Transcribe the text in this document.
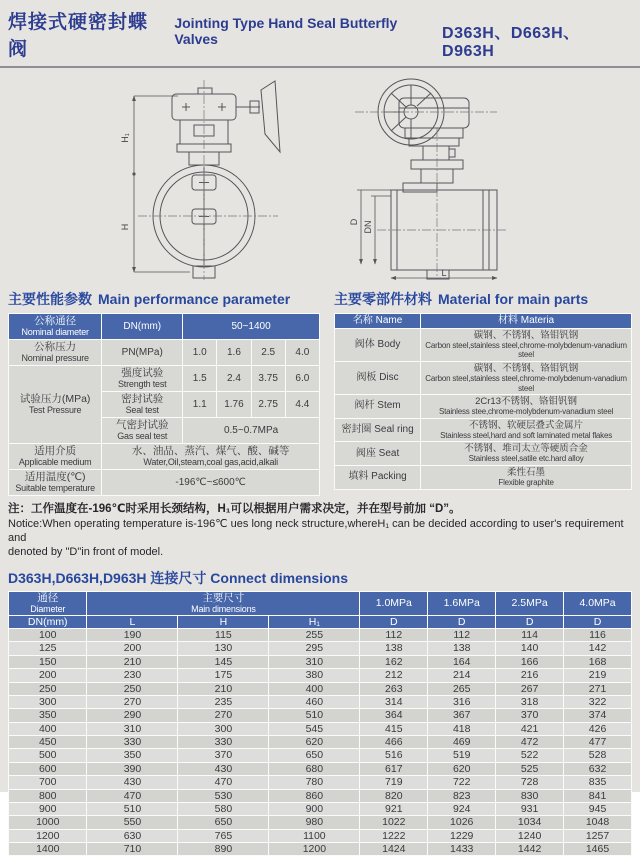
焊接式硬密封蝶阀
Jointing Type Hand Seal Butterfly Valves	D363H、D663H、D963H
H₁
H
D DN
L
主要性能参数 Main performance parameter
公称通径
Nominal diameter	DN(mm)	50~1400			

公称压力
Nominal pressure	PN(MPa)	1.0	1.6	2.5	4.0

试验压力(MPa)
Test Pressure

强度试验
Strength test
	1.5	2.4	3.75	6.0

	密封试验
Seal test	1.1	1.76	2.75	4.4

	气密封试验
Gas seal test	0.5~0.7MPa			

适用介质
Applicable medium

水、油品、蒸汽、煤气、酸、碱等
Water,Oil,steam,coal gas,acid,alkali

适用温度(℃)
Suitable temperature	-196℃~≤600℃				
主要零部件材料 Material for main parts
名称 Name	材料 Materia
阀体 Body	碳钢、不锈钢、铬钼钒钢
Carbon steel,stainless steel,chrome-molybdenum-vanadium steel

阀板 Disc	碳钢、不锈钢、铬钼钒钢
Carbon steel,stainless steel,chrome-molybdenum-vanadium steel

阀杆 Stem	2Cr13不锈钢、铬钼钒钢
Stainless stee,chrome-molybdenum-vanadium steel

密封圈 Seal ring	不锈钢、软硬层叠式金属片
Stainless steel,hard and soft laminated metal flakes

阀座 Seat	不锈钢、堆司太立等硬质合金
Stainless steel,satile etc.hard alloy

填料 Packing	柔性石墨
Flexible graphite
注：工作温度在-196℃时采用长颈结构，H₁可以根据用户需求决定，并在型号前加 “D”。
Notice:When operating temperature is-196℃ ues long neck structure,whereH₁ can be decided according to user's requirement and
denoted by "D"in front of model.
D363H,D663H,D963H 连接尺寸 Connect dimensions
通径
Diameter

主要尺寸
Main dimensions
	1.0MPa	1.6MPa	2.5MPa	4.0MPa
DN(mm)	L	H	H₁	D	D	D	D
100	190	115	255	112	112	114	116
125	200	130	295	138	138	140	142
150	210	145	310	162	164	166	168
200	230	175	380	212	214	216	219
250	250	210	400	263	265	267	271
300	270	235	460	314	316	318	322
350	290	270	510	364	367	370	374
400	310	300	545	415	418	421	426
450	330	330	620	466	469	472	477
500	350	370	650	516	519	522	528
600	390	430	680	617	620	525	632
700	430	470	780	719	722	728	835
800	470	530	860	820	823	830	841
900	510	580	900	921	924	931	945
1000	550	650	980	1022	1026	1034	1048
1200	630	765	1100	1222	1229	1240	1257
1400	710	890	1200	1424	1433	1442	1465
